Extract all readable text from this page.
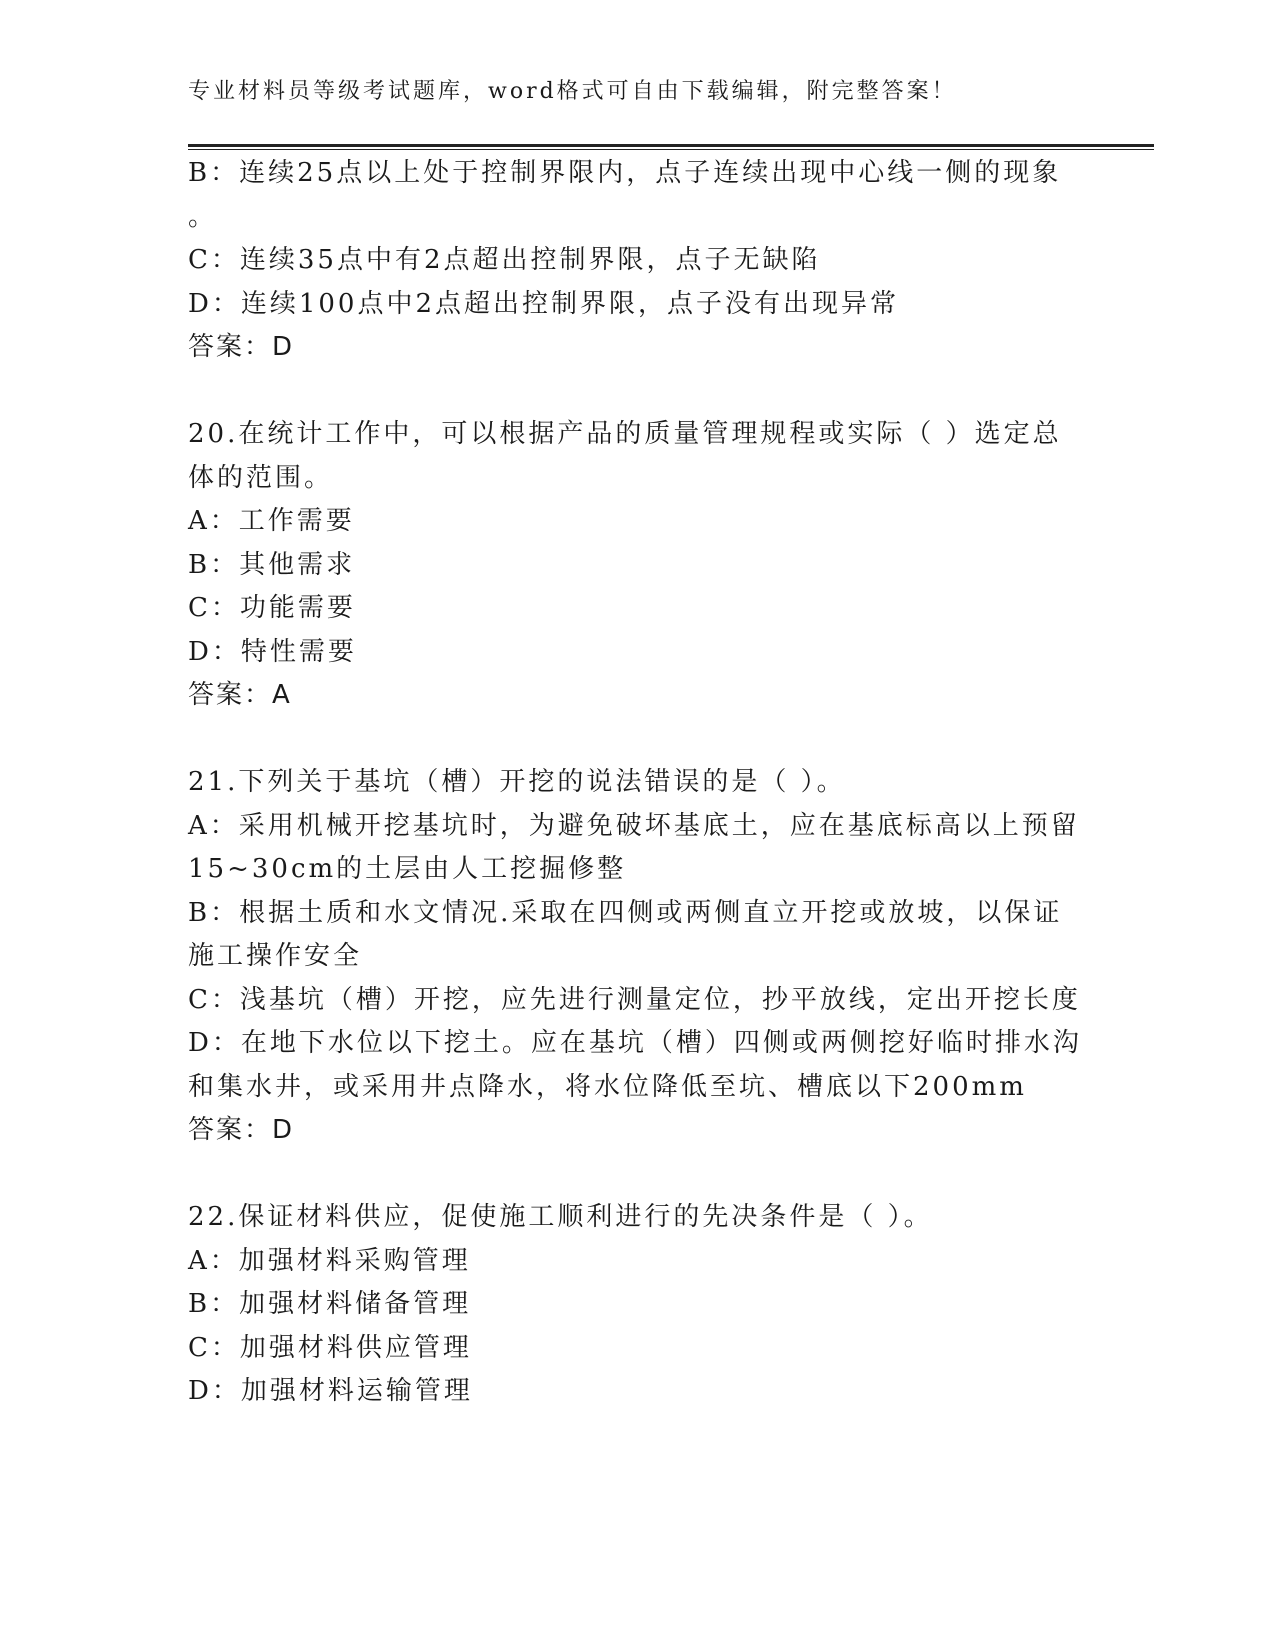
专业材料员等级考试题库，word格式可自由下载编辑，附完整答案！
B：连续25点以上处于控制界限内，点子连续出现中心线一侧的现象
。
C：连续35点中有2点超出控制界限，点子无缺陷
D：连续100点中2点超出控制界限，点子没有出现异常
答案：D
20.在统计工作中，可以根据产品的质量管理规程或实际（ ）选定总
体的范围。
A：工作需要
B：其他需求
C：功能需要
D：特性需要
答案：A
21.下列关于基坑（槽）开挖的说法错误的是（ ）。
A：采用机械开挖基坑时，为避免破坏基底土，应在基底标高以上预留
15~30cm的土层由人工挖掘修整
B：根据土质和水文情况.采取在四侧或两侧直立开挖或放坡，以保证
施工操作安全
C：浅基坑（槽）开挖，应先进行测量定位，抄平放线，定出开挖长度
D：在地下水位以下挖土。应在基坑（槽）四侧或两侧挖好临时排水沟
和集水井，或采用井点降水，将水位降低至坑、槽底以下200mm
答案：D
22.保证材料供应，促使施工顺利进行的先决条件是（ ）。
A：加强材料采购管理
B：加强材料储备管理
C：加强材料供应管理
D：加强材料运输管理
